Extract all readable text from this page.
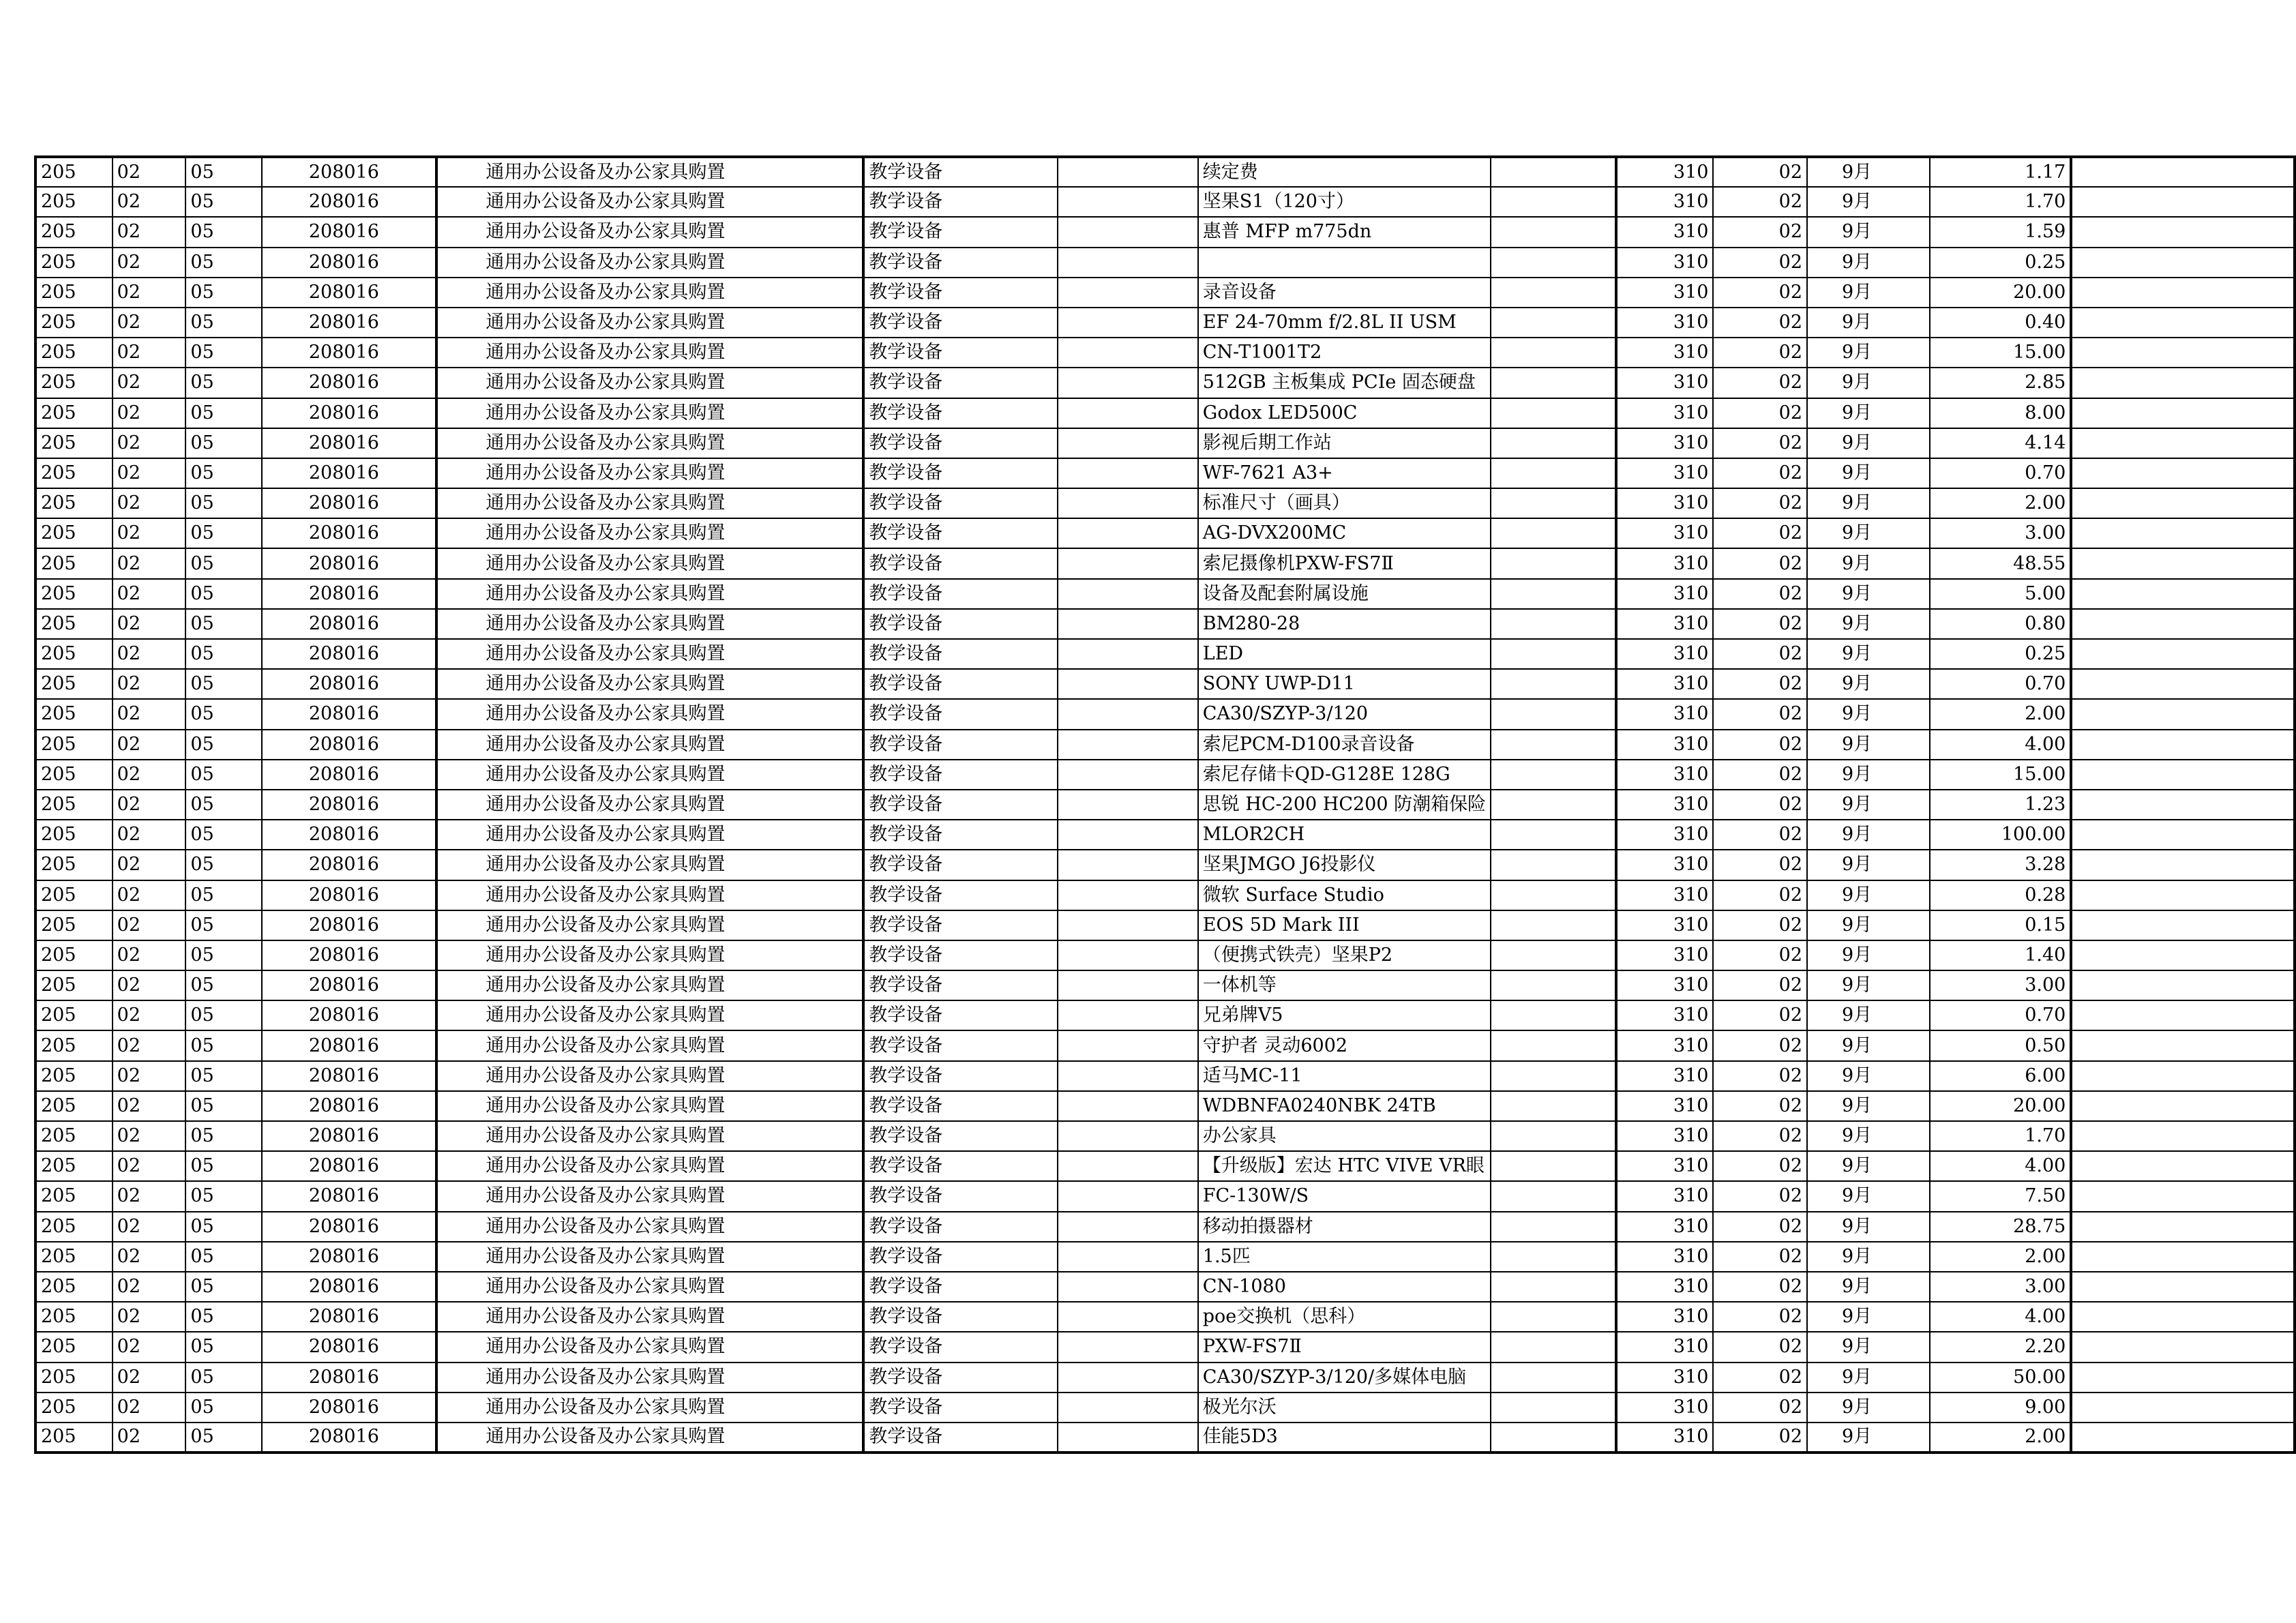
205	02	05	208016	通用办公设备及办公家具购置	教学设备		续定费		310	02	9月	1.17	
205	02	05	208016	通用办公设备及办公家具购置	教学设备		坚果S1（120寸）		310	02	9月	1.70	
205	02	05	208016	通用办公设备及办公家具购置	教学设备		惠普 MFP m775dn		310	02	9月	1.59	
205	02	05	208016	通用办公设备及办公家具购置	教学设备				310	02	9月	0.25	
205	02	05	208016	通用办公设备及办公家具购置	教学设备		录音设备		310	02	9月	20.00	
205	02	05	208016	通用办公设备及办公家具购置	教学设备		EF 24-70mm f/2.8L II USM		310	02	9月	0.40	
205	02	05	208016	通用办公设备及办公家具购置	教学设备		CN-T1001T2		310	02	9月	15.00	
205	02	05	208016	通用办公设备及办公家具购置	教学设备		512GB 主板集成 PCIe 固态硬盘		310	02	9月	2.85	
205	02	05	208016	通用办公设备及办公家具购置	教学设备		Godox LED500C		310	02	9月	8.00	
205	02	05	208016	通用办公设备及办公家具购置	教学设备		影视后期工作站		310	02	9月	4.14	
205	02	05	208016	通用办公设备及办公家具购置	教学设备		WF-7621 A3+		310	02	9月	0.70	
205	02	05	208016	通用办公设备及办公家具购置	教学设备		标准尺寸（画具）		310	02	9月	2.00	
205	02	05	208016	通用办公设备及办公家具购置	教学设备		AG-DVX200MC		310	02	9月	3.00	
205	02	05	208016	通用办公设备及办公家具购置	教学设备		索尼摄像机PXW-FS7Ⅱ		310	02	9月	48.55	
205	02	05	208016	通用办公设备及办公家具购置	教学设备		设备及配套附属设施		310	02	9月	5.00	
205	02	05	208016	通用办公设备及办公家具购置	教学设备		BM280-28		310	02	9月	0.80	
205	02	05	208016	通用办公设备及办公家具购置	教学设备		LED		310	02	9月	0.25	
205	02	05	208016	通用办公设备及办公家具购置	教学设备		SONY UWP-D11		310	02	9月	0.70	
205	02	05	208016	通用办公设备及办公家具购置	教学设备		CA30/SZYP-3/120		310	02	9月	2.00	
205	02	05	208016	通用办公设备及办公家具购置	教学设备		索尼PCM-D100录音设备		310	02	9月	4.00	
205	02	05	208016	通用办公设备及办公家具购置	教学设备		索尼存储卡QD-G128E 128G		310	02	9月	15.00	
205	02	05	208016	通用办公设备及办公家具购置	教学设备		思锐 HC-200 HC200 防潮箱保险		310	02	9月	1.23	
205	02	05	208016	通用办公设备及办公家具购置	教学设备		MLOR2CH		310	02	9月	100.00	
205	02	05	208016	通用办公设备及办公家具购置	教学设备		坚果JMGO J6投影仪		310	02	9月	3.28	
205	02	05	208016	通用办公设备及办公家具购置	教学设备		微软 Surface Studio		310	02	9月	0.28	
205	02	05	208016	通用办公设备及办公家具购置	教学设备		EOS 5D Mark III		310	02	9月	0.15	
205	02	05	208016	通用办公设备及办公家具购置	教学设备		（便携式铁壳）坚果P2		310	02	9月	1.40	
205	02	05	208016	通用办公设备及办公家具购置	教学设备		一体机等		310	02	9月	3.00	
205	02	05	208016	通用办公设备及办公家具购置	教学设备		兄弟牌V5		310	02	9月	0.70	
205	02	05	208016	通用办公设备及办公家具购置	教学设备		守护者 灵动6002		310	02	9月	0.50	
205	02	05	208016	通用办公设备及办公家具购置	教学设备		适马MC-11		310	02	9月	6.00	
205	02	05	208016	通用办公设备及办公家具购置	教学设备		WDBNFA0240NBK 24TB		310	02	9月	20.00	
205	02	05	208016	通用办公设备及办公家具购置	教学设备		办公家具		310	02	9月	1.70	
205	02	05	208016	通用办公设备及办公家具购置	教学设备		【升级版】宏达 HTC VIVE VR眼		310	02	9月	4.00	
205	02	05	208016	通用办公设备及办公家具购置	教学设备		FC-130W/S		310	02	9月	7.50	
205	02	05	208016	通用办公设备及办公家具购置	教学设备		移动拍摄器材		310	02	9月	28.75	
205	02	05	208016	通用办公设备及办公家具购置	教学设备		1.5匹		310	02	9月	2.00	
205	02	05	208016	通用办公设备及办公家具购置	教学设备		CN-1080		310	02	9月	3.00	
205	02	05	208016	通用办公设备及办公家具购置	教学设备		poe交换机（思科）		310	02	9月	4.00	
205	02	05	208016	通用办公设备及办公家具购置	教学设备		PXW-FS7Ⅱ		310	02	9月	2.20	
205	02	05	208016	通用办公设备及办公家具购置	教学设备		CA30/SZYP-3/120/多媒体电脑		310	02	9月	50.00	
205	02	05	208016	通用办公设备及办公家具购置	教学设备		极光尔沃		310	02	9月	9.00	
205	02	05	208016	通用办公设备及办公家具购置	教学设备		佳能5D3		310	02	9月	2.00	
